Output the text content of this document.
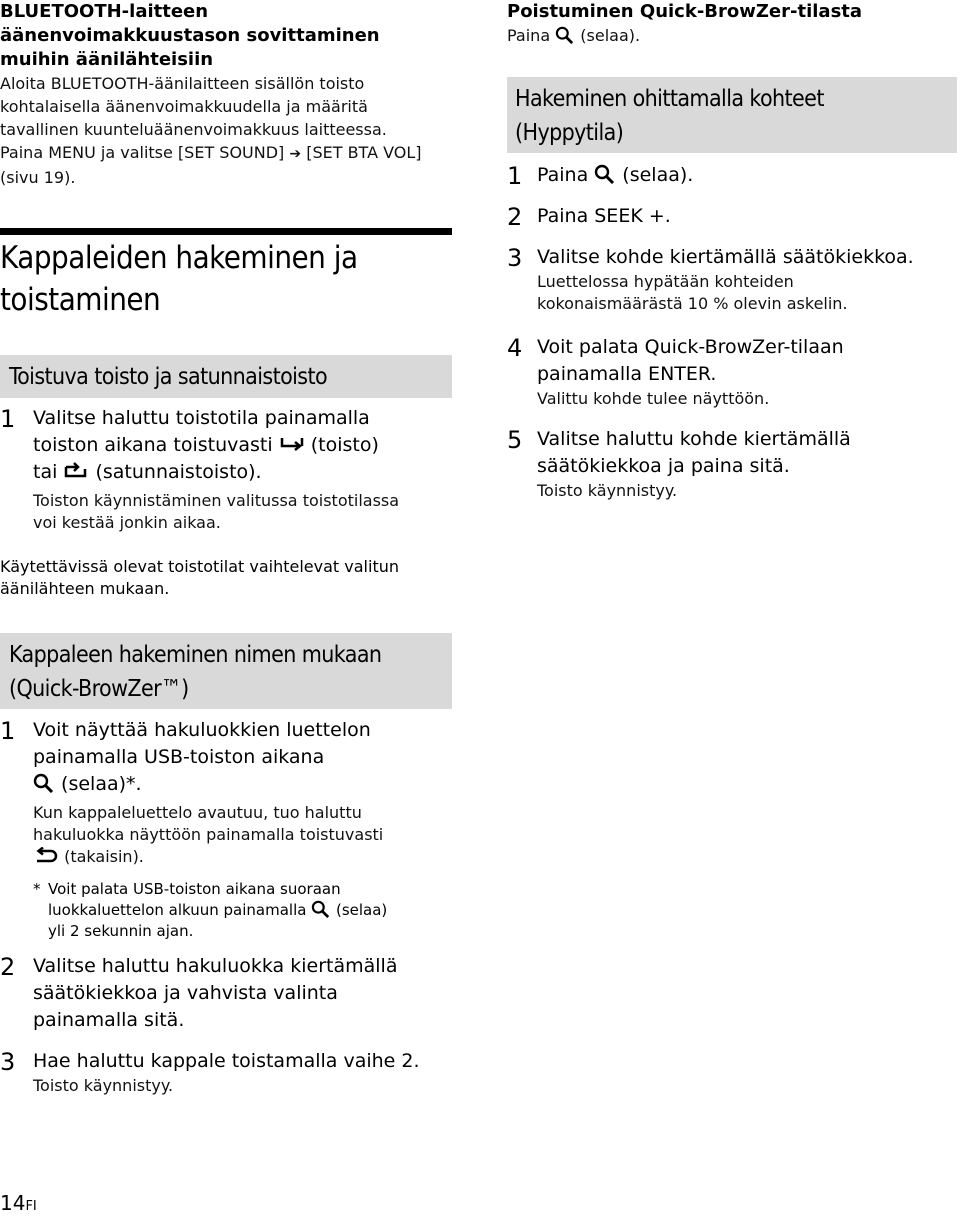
BLUETOOTH-laitteen
äänenvoimakkuustason sovittaminen
muihin äänilähteisiin
Aloita BLUETOOTH-äänilaitteen sisällön toisto
kohtalaisella äänenvoimakkuudella ja määritä
tavallinen kuunteluäänenvoimakkuus laitteessa.
Paina MENU ja valitse [SET SOUND] ➔ [SET BTA VOL]
(sivu 19).
Kappaleiden hakeminen ja
toistaminen
Toistuva toisto ja satunnaistoisto
1 Valitse haluttu toistotila painamalla
toiston aikana toistuvasti
(toisto)
tai
(satunnaistoisto).
Toiston käynnistäminen valitussa toistotilassa
voi kestää jonkin aikaa.
Käytettävissä olevat toistotilat vaihtelevat valitun
äänilähteen mukaan.
Kappaleen hakeminen nimen mukaan
(Quick-BrowZer™)
1 Voit näyttää hakuluokkien luettelon
painamalla USB-toiston aikana
(selaa)*.
Kun kappaleluettelo avautuu, tuo haluttu
hakuluokka näyttöön painamalla toistuvasti
(takaisin).
* Voit palata USB-toiston aikana suoraan
luokkaluettelon alkuun painamalla
(selaa)
yli 2 sekunnin ajan.
2 Valitse haluttu hakuluokka kiertämällä
säätökiekkoa ja vahvista valinta
painamalla sitä.
3 Hae haluttu kappale toistamalla vaihe 2.
Toisto käynnistyy.
Poistuminen Quick-BrowZer-tilasta
Paina
(selaa).
Hakeminen ohittamalla kohteet
(Hyppytila)
1 Paina
(selaa).
2 Paina SEEK +.
3 Valitse kohde kiertämällä säätökiekkoa.
Luettelossa hypätään kohteiden
kokonaismäärästä 10 % olevin askelin.
4 Voit palata Quick-BrowZer-tilaan
painamalla ENTER.
Valittu kohde tulee näyttöön.
5 Valitse haluttu kohde kiertämällä
säätökiekkoa ja paina sitä.
Toisto käynnistyy.
14FI
